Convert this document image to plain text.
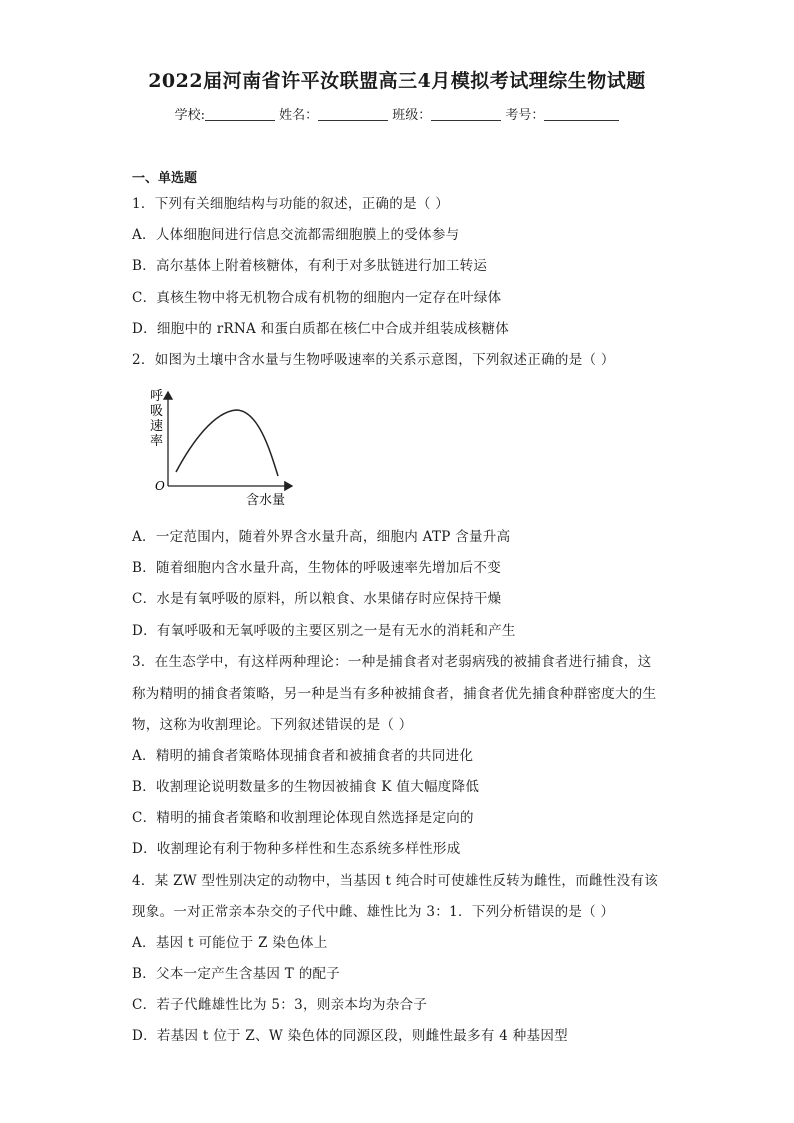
2022届河南省许平汝联盟高三4月模拟考试理综生物试题
学校:	姓名：	班级：	考号：
一、单选题
1．下列有关细胞结构与功能的叙述，正确的是（ ）
A．人体细胞间进行信息交流都需细胞膜上的受体参与
B．高尔基体上附着核糖体，有利于对多肽链进行加工转运
C．真核生物中将无机物合成有机物的细胞内一定存在叶绿体
D．细胞中的 rRNA 和蛋白质都在核仁中合成并组装成核糖体
2．如图为土壤中含水量与生物呼吸速率的关系示意图，下列叙述正确的是（ ）
呼
吸
速
率
O
含水量
A．一定范围内，随着外界含水量升高，细胞内 ATP 含量升高
B．随着细胞内含水量升高，生物体的呼吸速率先增加后不变
C．水是有氧呼吸的原料，所以粮食、水果储存时应保持干燥
D．有氧呼吸和无氧呼吸的主要区别之一是有无水的消耗和产生
3．在生态学中，有这样两种理论：一种是捕食者对老弱病残的被捕食者进行捕食，这
称为精明的捕食者策略，另一种是当有多种被捕食者，捕食者优先捕食种群密度大的生
物，这称为收割理论。下列叙述错误的是（ ）
A．精明的捕食者策略体现捕食者和被捕食者的共同进化
B．收割理论说明数量多的生物因被捕食 K 值大幅度降低
C．精明的捕食者策略和收割理论体现自然选择是定向的
D．收割理论有利于物种多样性和生态系统多样性形成
4．某 ZW 型性别决定的动物中，当基因 t 纯合时可使雄性反转为雌性，而雌性没有该
现象。一对正常亲本杂交的子代中雌、雄性比为 3：1．下列分析错误的是（ ）
A．基因 t 可能位于 Z 染色体上
B．父本一定产生含基因 T 的配子
C．若子代雌雄性比为 5：3，则亲本均为杂合子
D．若基因 t 位于 Z、W 染色体的同源区段，则雌性最多有 4 种基因型
